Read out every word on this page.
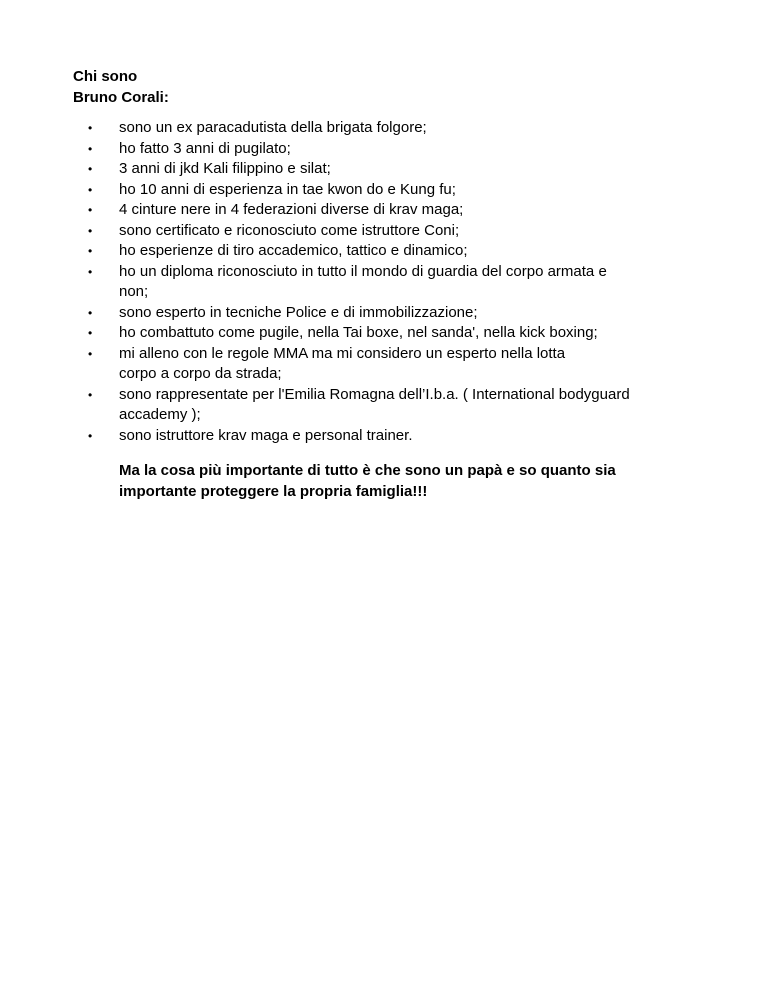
Chi sono

Bruno Corali:

•	sono un ex paracadutista della brigata folgore;
•	ho fatto 3 anni di pugilato;
•	3 anni di jkd Kali filippino e silat;
•	ho 10 anni di esperienza in tae kwon do e Kung fu;
•	4 cinture nere in 4 federazioni diverse di krav maga;
•	sono certificato e riconosciuto come istruttore Coni;
•	ho esperienze di tiro accademico, tattico e dinamico;
•	ho un diploma riconosciuto in tutto il mondo di guardia del corpo armata e
non;
•	sono esperto in tecniche Police e di immobilizzazione;
•	ho combattuto come pugile, nella Tai boxe, nel sanda', nella kick boxing;
•	mi alleno con le regole MMA ma mi considero un esperto nella lotta
corpo a corpo da strada;
•	sono rappresentate per l'Emilia Romagna dell’I.b.a. ( International bodyguard
accademy );
•	sono istruttore krav maga e personal trainer.
Ma la cosa più importante di tutto è che sono un papà e so quanto sia
importante proteggere la propria famiglia!!!
